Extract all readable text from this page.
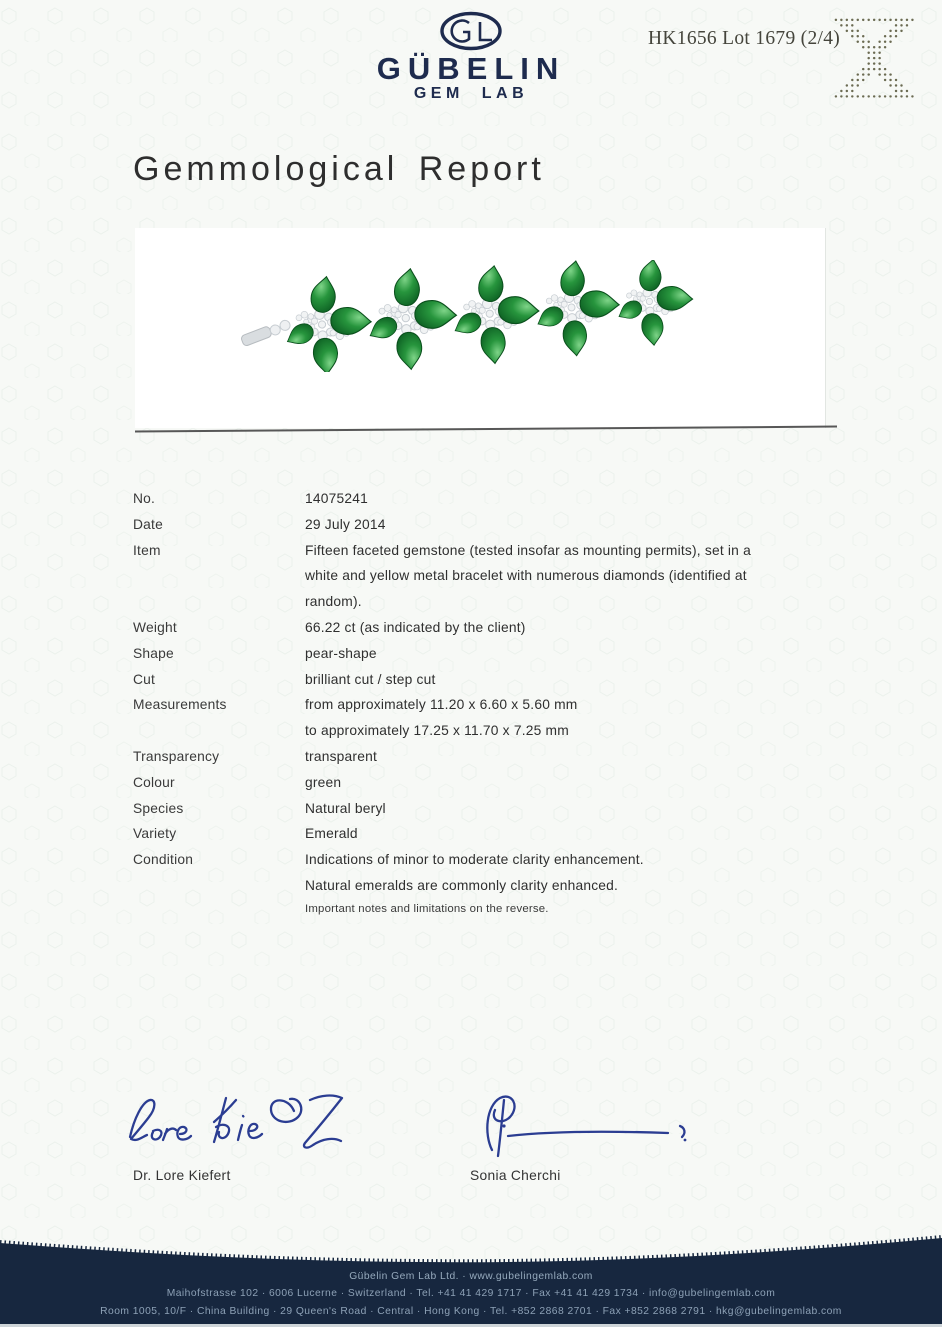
GÜBELIN
GEM LAB
HK1656 Lot 1679 (2/4)
Gemmological Report
No.	14075241
Date	29 July 2014
Item	Fifteen faceted gemstone (tested insofar as mounting permits), set in a
white and yellow metal bracelet with numerous diamonds (identified at
random).
Weight	66.22 ct (as indicated by the client)
Shape	pear-shape
Cut	brilliant cut / step cut
Measurements	from approximately 11.20 x 6.60 x 5.60 mm
to approximately 17.25 x 11.70 x 7.25 mm
Transparency	transparent
Colour	green
Species	Natural beryl
Variety	Emerald
Condition	Indications of minor to moderate clarity enhancement.
Natural emeralds are commonly clarity enhanced.
Important notes and limitations on the reverse.
Dr. Lore Kiefert	Sonia Cherchi
Gübelin Gem Lab Ltd. · www.gubelingemlab.com
Maihofstrasse 102 · 6006 Lucerne · Switzerland · Tel. +41 41 429 1717 · Fax +41 41 429 1734 · info@gubelingemlab.com
Room 1005, 10/F · China Building · 29 Queen's Road · Central · Hong Kong · Tel. +852 2868 2701 · Fax +852 2868 2791 · hkg@gubelingemlab.com
